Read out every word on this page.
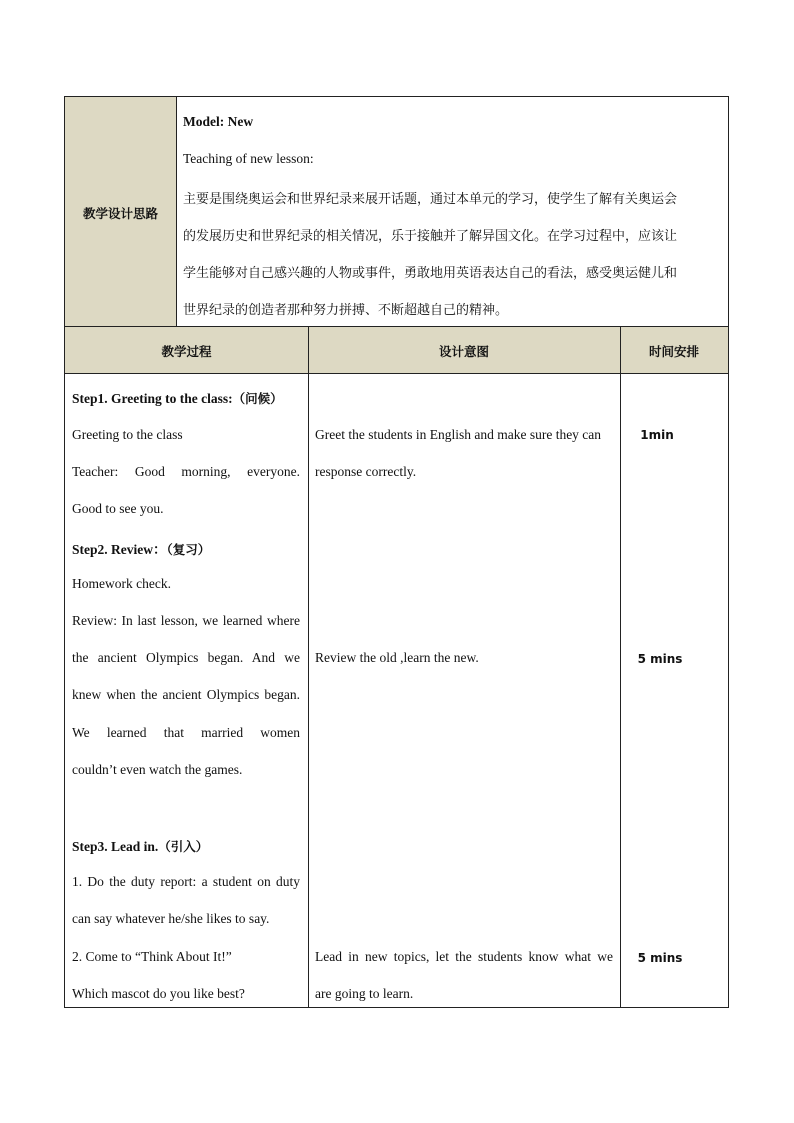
教学设计思路
Model: New
Teaching of new lesson:
主要是围绕奥运会和世界纪录来展开话题，通过本单元的学习，使学生了解有关奥运会
的发展历史和世界纪录的相关情况，乐于接触并了解异国文化。在学习过程中，应该让
学生能够对自己感兴趣的人物或事件，勇敢地用英语表达自己的看法，感受奥运健儿和
世界纪录的创造者那种努力拼搏、不断超越自己的精神。
教学过程	设计意图	时间安排
Step1. Greeting to the class:（问候）
Greeting to the class
Teacher: Good morning, everyone.
Good to see you.
Step2. Review：（复习）
Homework check.
Review: In last lesson, we learned where
the ancient Olympics began. And we
knew when the ancient Olympics began.
We learned that married women
couldn’t even watch the games.
Step3. Lead in.（引入）
1. Do the duty report: a student on duty
can say whatever he/she likes to say.
2. Come to “Think About It!”
Which mascot do you like best?
Greet the students in English and make sure they can
response correctly.
Review the old ,learn the new.
Lead in new topics, let the students know what we
are going to learn.
1min
5 mins
5 mins
